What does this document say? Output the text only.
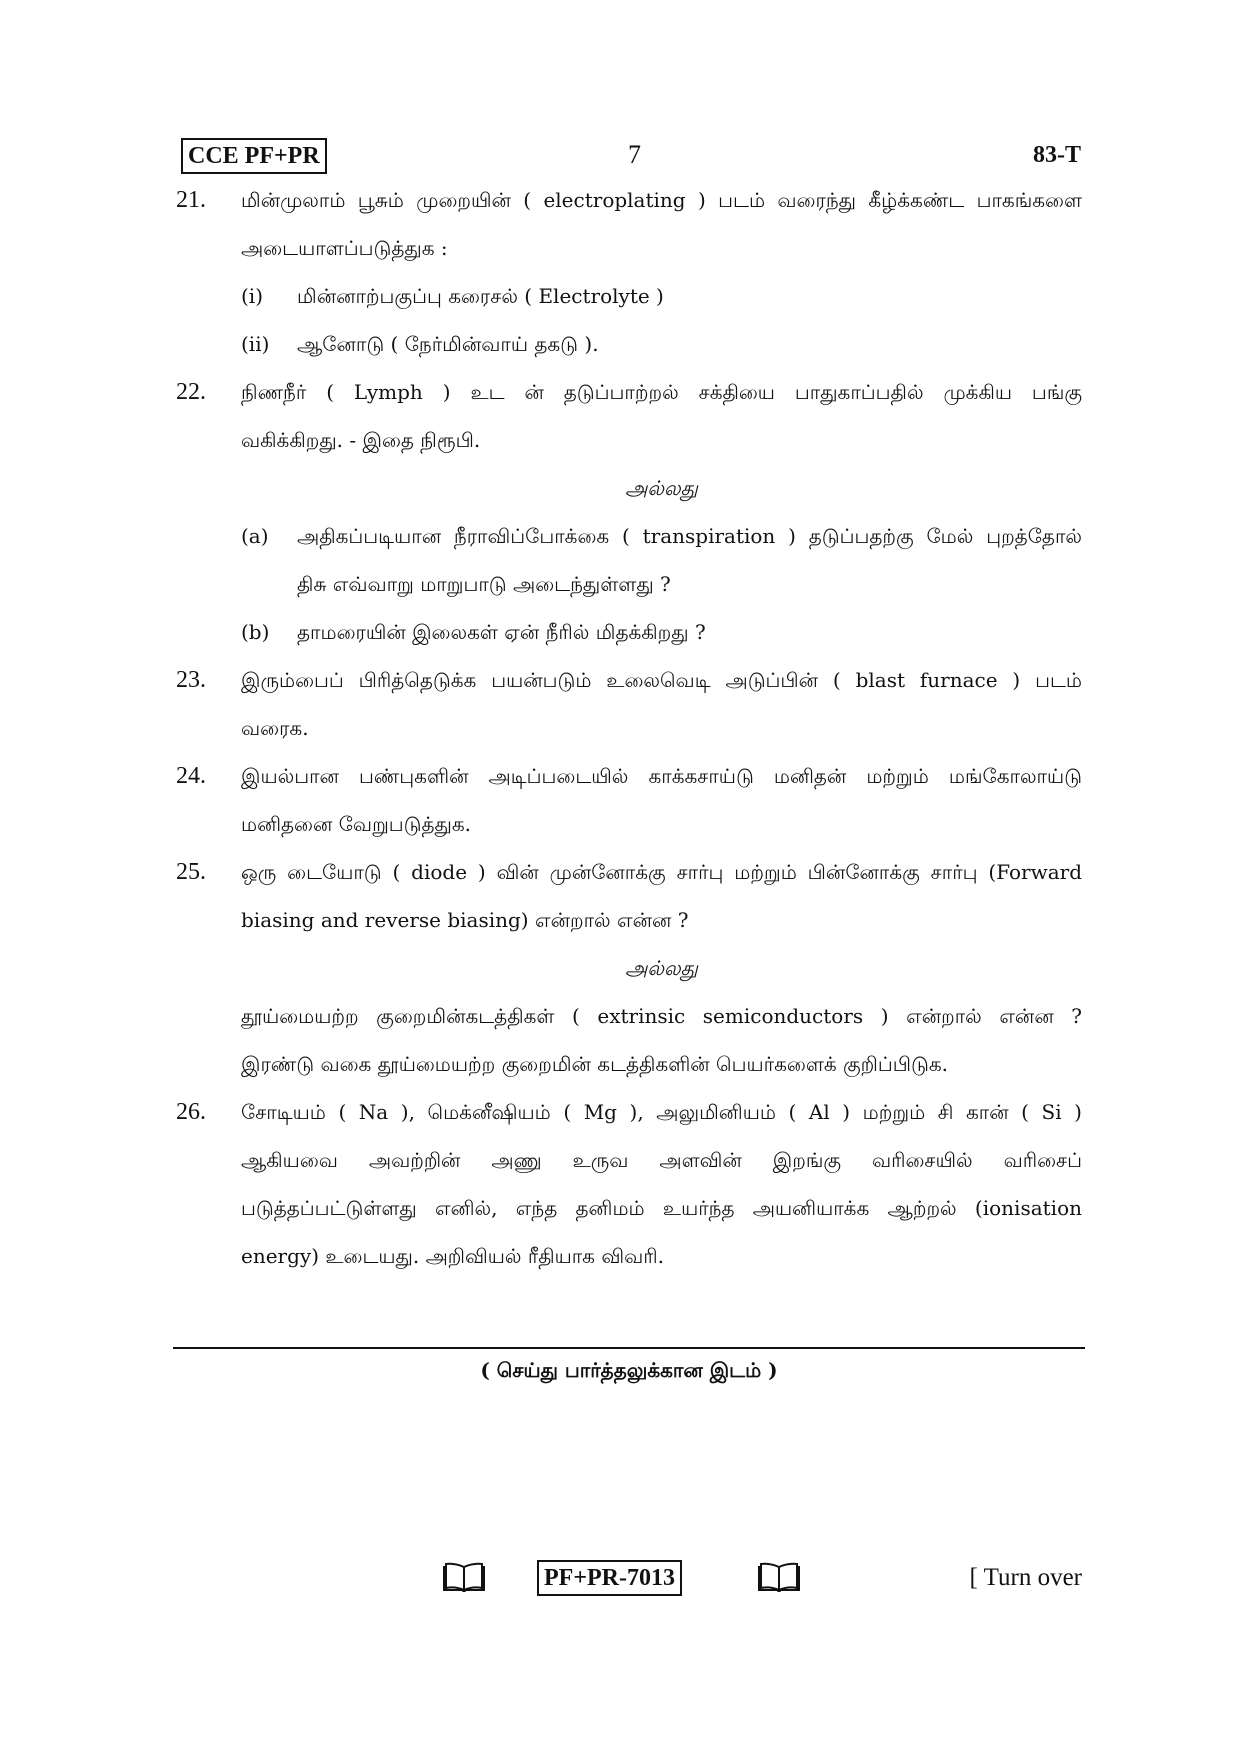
CCE PF+PR	7	83-T
21. மின்முலாம் பூசும் முறையின் ( electroplating ) படம் வரைந்து கீழ்க்கண்ட பாகங்களை
அடையாளப்படுத்துக :
(i) மின்னாற்பகுப்பு கரைசல் ( Electrolyte )
(ii) ஆனோடு ( நேர்மின்வாய் தகடு ).
22. நிணநீர் ( Lymph ) உட ன் தடுப்பாற்றல் சக்தியை பாதுகாப்பதில் முக்கிய பங்கு
வகிக்கிறது. - இதை நிரூபி.
அல்லது
(a) அதிகப்படியான நீராவிப்போக்கை ( transpiration ) தடுப்பதற்கு மேல் புறத்தோல்
திசு எவ்வாறு மாறுபாடு அடைந்துள்ளது ?
(b) தாமரையின் இலைகள் ஏன் நீரில் மிதக்கிறது ?
23. இரும்பைப் பிரித்தெடுக்க பயன்படும் உலைவெடி அடுப்பின் ( blast furnace ) படம்
வரைக.
24. இயல்பான பண்புகளின் அடிப்படையில் காக்கசாய்டு மனிதன் மற்றும் மங்கோலாய்டு
மனிதனை வேறுபடுத்துக.
25. ஒரு டையோடு ( diode ) வின் முன்னோக்கு சார்பு மற்றும் பின்னோக்கு சார்பு (Forward
biasing and reverse biasing) என்றால் என்ன ?
அல்லது
தூய்மையற்ற குறைமின்கடத்திகள் ( extrinsic semiconductors ) என்றால் என்ன ?
இரண்டு வகை தூய்மையற்ற குறைமின் கடத்திகளின் பெயர்களைக் குறிப்பிடுக.
26. சோடியம் ( Na ), மெக்னீஷியம் ( Mg ), அலுமினியம் ( Al ) மற்றும் சி கான் ( Si )
ஆகியவை அவற்றின் அணு உருவ அளவின் இறங்கு வரிசையில் வரிசைப்
படுத்தப்பட்டுள்ளது எனில், எந்த தனிமம் உயர்ந்த அயனியாக்க ஆற்றல் (ionisation
energy) உடையது. அறிவியல் ரீதியாக விவரி.
( செய்து பார்த்தலுக்கான இடம் )
PF+PR-7013	[ Turn over
